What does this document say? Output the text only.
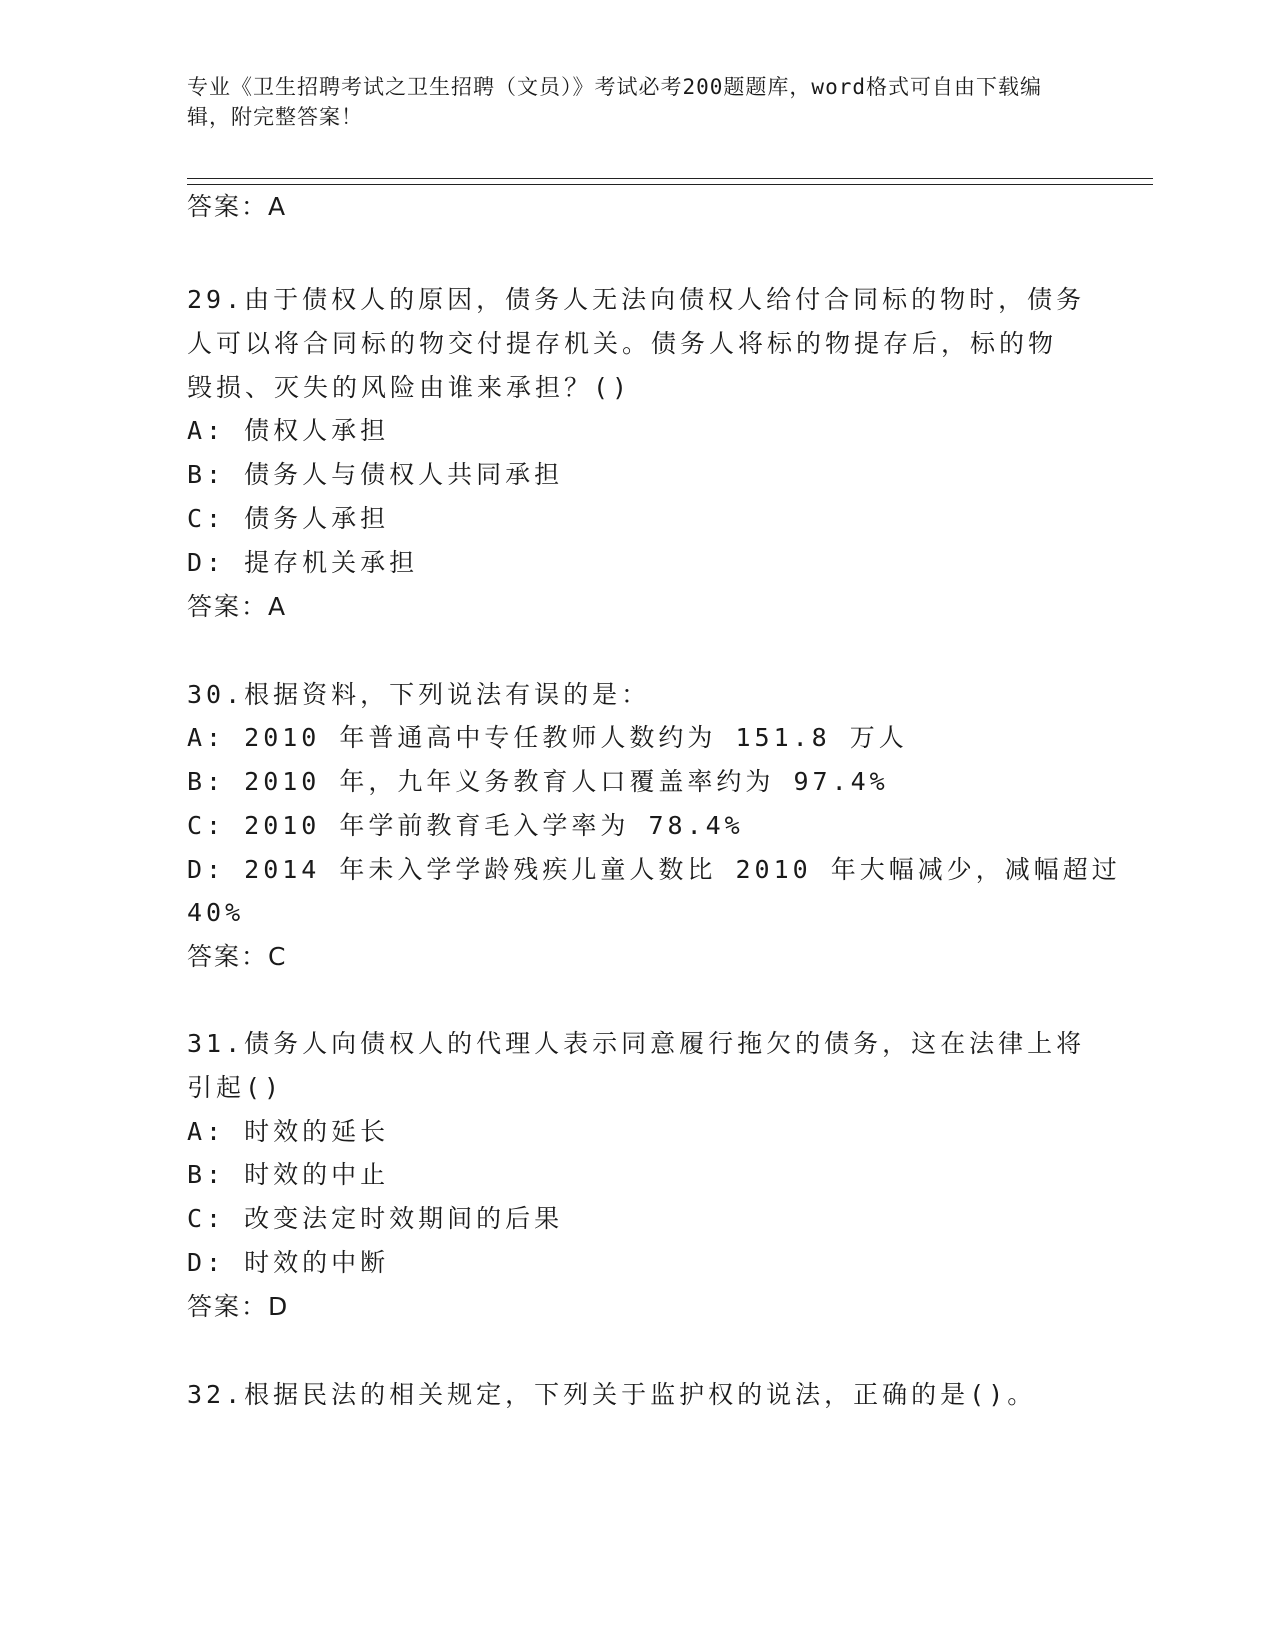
专业《卫生招聘考试之卫生招聘（文员）》考试必考200题题库，word格式可自由下载编辑，附完整答案！
答案：A
29.由于债权人的原因，债务人无法向债权人给付合同标的物时，债务
人可以将合同标的物交付提存机关。债务人将标的物提存后，标的物
毁损、灭失的风险由谁来承担？()
A: 债权人承担
B: 债务人与债权人共同承担
C: 债务人承担
D: 提存机关承担
答案：A
30.根据资料，下列说法有误的是：
A: 2010 年普通高中专任教师人数约为 151.8 万人
B: 2010 年，九年义务教育人口覆盖率约为 97.4%
C: 2010 年学前教育毛入学率为 78.4%
D: 2014 年未入学学龄残疾儿童人数比 2010 年大幅减少，减幅超过
40%
答案：C
31.债务人向债权人的代理人表示同意履行拖欠的债务，这在法律上将
引起()
A: 时效的延长
B: 时效的中止
C: 改变法定时效期间的后果
D: 时效的中断
答案：D
32.根据民法的相关规定，下列关于监护权的说法，正确的是()。
